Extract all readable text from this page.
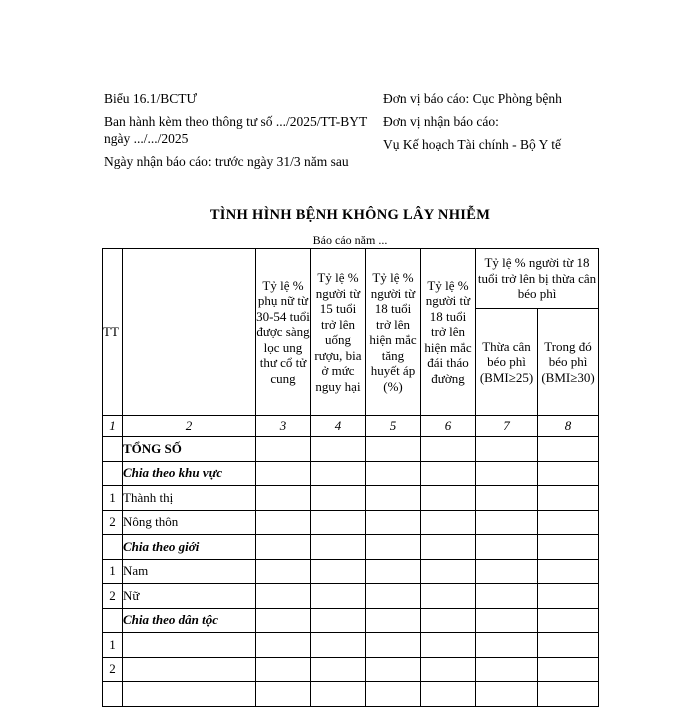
Biểu 16.1/BCTƯ
Ban hành kèm theo thông tư số .../2025/TT-BYT ngày .../.../2025
Ngày nhận báo cáo: trước ngày 31/3 năm sau
Đơn vị báo cáo: Cục Phòng bệnh
Đơn vị nhận báo cáo:
Vụ Kế hoạch Tài chính - Bộ Y tế
TÌNH HÌNH BỆNH KHÔNG LÂY NHIỄM
Báo cáo năm ...
TT		Tỷ lệ % phụ nữ từ 30-54 tuổi được sàng lọc ung thư cổ tử cung	Tỷ lệ % người từ 15 tuổi trở lên uống rượu, bia ở mức nguy hại	Tỷ lệ % người từ 18 tuổi trở lên hiện mắc tăng huyết áp (%)	Tỷ lệ % người từ 18 tuổi trở lên hiện mắc đái tháo đường	Tỷ lệ % người từ 18 tuổi trở lên bị thừa cân béo phì	
						Thừa cân béo phì (BMI≥25)	Trong đó béo phì (BMI≥30)
1	2	3	4	5	6	7	8
	TỔNG SỐ						
	Chia theo khu vực						
1	Thành thị						
2	Nông thôn						
	Chia theo giới						
1	Nam						
2	Nữ						
	Chia theo dân tộc						
1							
2							
